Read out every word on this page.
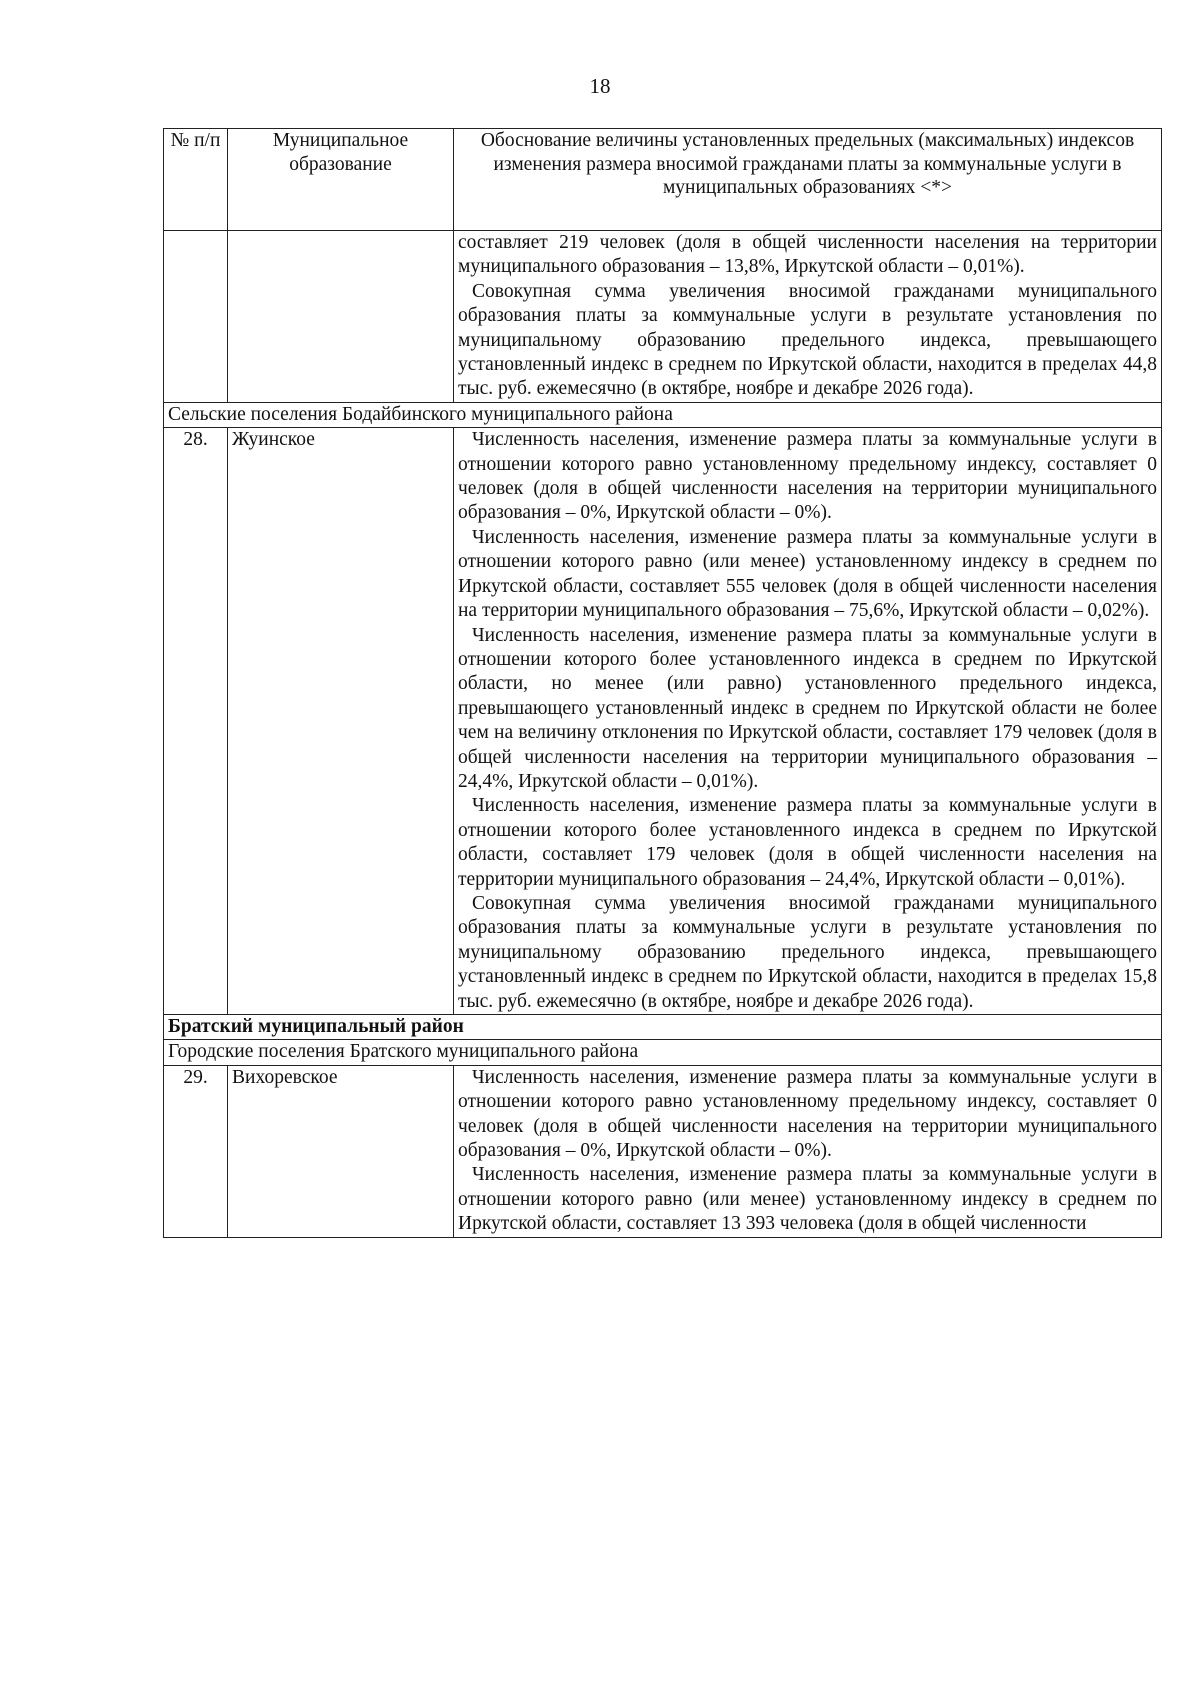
18
№ п/п	Муниципальное образование	Обоснование величины установленных предельных (максимальных) индексов изменения размера вносимой гражданами платы за коммунальные услуги в муниципальных образованиях <*>

		составляет 219 человек (доля в общей численности населения на территории муниципального образования – 13,8%, Иркутской области – 0,01%).

Совокупная сумма увеличения вносимой гражданами муниципального образования платы за коммунальные услуги в результате установления по муниципальному образованию предельного индекса, превышающего установленный индекс в среднем по Иркутской области, находится в пределах 44,8 тыс. руб. ежемесячно (в октябре, ноябре и декабре 2026 года).

Сельские поселения Бодайбинского муниципального района		
28.	Жуинское	Численность населения, изменение размера платы за коммунальные услуги в отношении которого равно установленному предельному индексу, составляет 0 человек (доля в общей численности населения на территории муниципального образования – 0%, Иркутской области – 0%).

Численность населения, изменение размера платы за коммунальные услуги в отношении которого равно (или менее) установленному индексу в среднем по Иркутской области, составляет 555 человек (доля в общей численности населения на территории муниципального образования – 75,6%, Иркутской области – 0,02%).

Численность населения, изменение размера платы за коммунальные услуги в отношении которого более установленного индекса в среднем по Иркутской области, но менее (или равно) установленного предельного индекса, превышающего установленный индекс в среднем по Иркутской области не более чем на величину отклонения по Иркутской области, составляет 179 человек (доля в общей численности населения на территории муниципального образования – 24,4%, Иркутской области – 0,01%).

Численность населения, изменение размера платы за коммунальные услуги в отношении которого более установленного индекса в среднем по Иркутской области, составляет 179 человек (доля в общей численности населения на территории муниципального образования – 24,4%, Иркутской области – 0,01%).

Совокупная сумма увеличения вносимой гражданами муниципального образования платы за коммунальные услуги в результате установления по муниципальному образованию предельного индекса, превышающего установленный индекс в среднем по Иркутской области, находится в пределах 15,8 тыс. руб. ежемесячно (в октябре, ноябре и декабре 2026 года).

Братский муниципальный район		
Городские поселения Братского муниципального района		
29.	Вихоревское	Численность населения, изменение размера платы за коммунальные услуги в отношении которого равно установленному предельному индексу, составляет 0 человек (доля в общей численности населения на территории муниципального образования – 0%, Иркутской области – 0%).

Численность населения, изменение размера платы за коммунальные услуги в отношении которого равно (или менее) установленному индексу в среднем по Иркутской области, составляет 13 393 человека (доля в общей численности
